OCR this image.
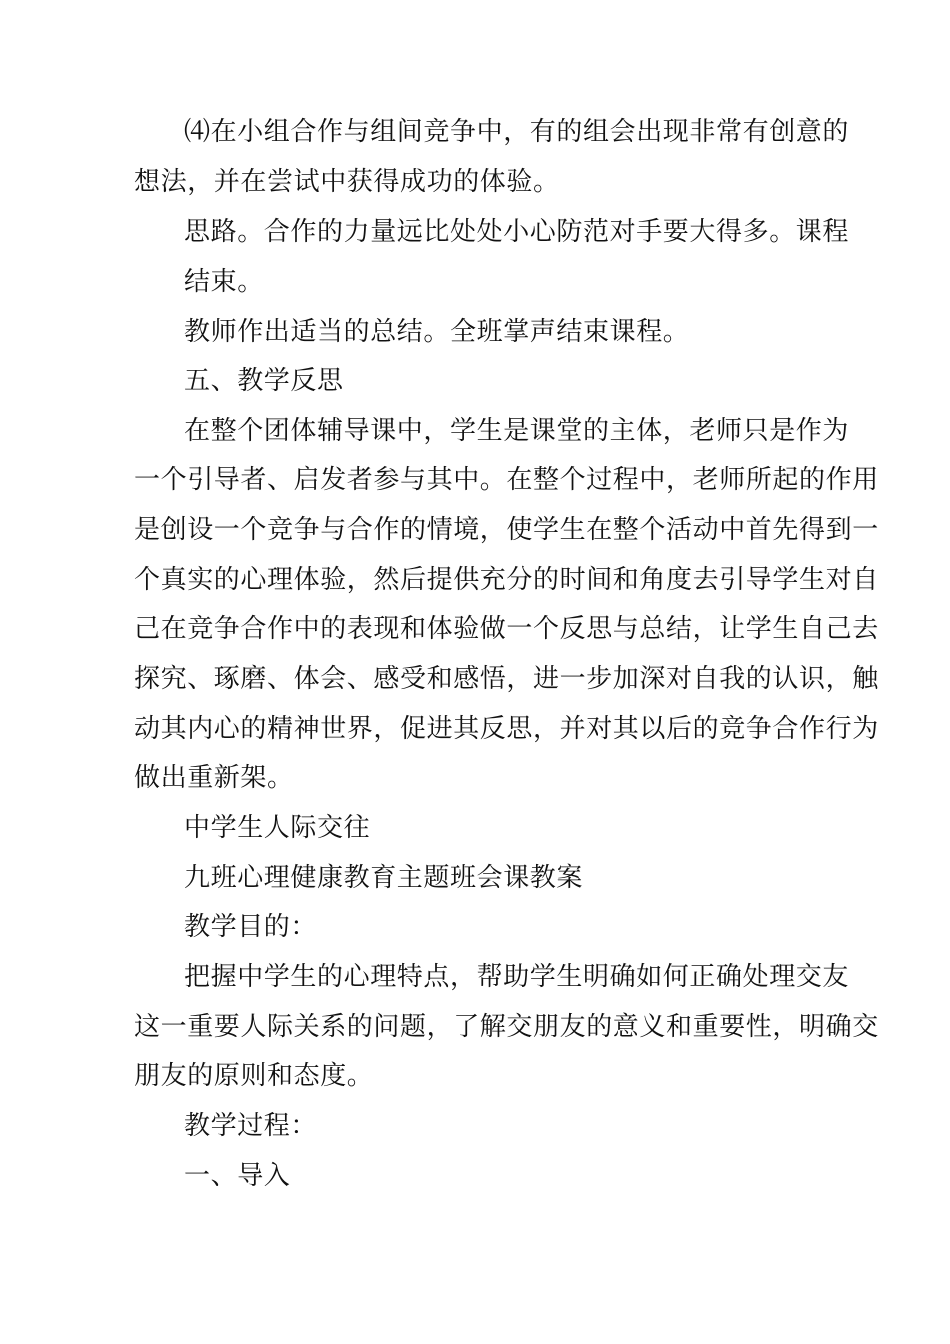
⑷在小组合作与组间竞争中，有的组会出现非常有创意的
想法，并在尝试中获得成功的体验。
思路。合作的力量远比处处小心防范对手要大得多。课程
结束。
教师作出适当的总结。全班掌声结束课程。
五、教学反思
在整个团体辅导课中，学生是课堂的主体，老师只是作为
一个引导者、启发者参与其中。在整个过程中，老师所起的作用
是创设一个竞争与合作的情境，使学生在整个活动中首先得到一
个真实的心理体验，然后提供充分的时间和角度去引导学生对自
己在竞争合作中的表现和体验做一个反思与总结，让学生自己去
探究、琢磨、体会、感受和感悟，进一步加深对自我的认识，触
动其内心的精神世界，促进其反思，并对其以后的竞争合作行为
做出重新架。
中学生人际交往
九班心理健康教育主题班会课教案
教学目的：
把握中学生的心理特点，帮助学生明确如何正确处理交友
这一重要人际关系的问题，了解交朋友的意义和重要性，明确交
朋友的原则和态度。
教学过程：
一、导入
